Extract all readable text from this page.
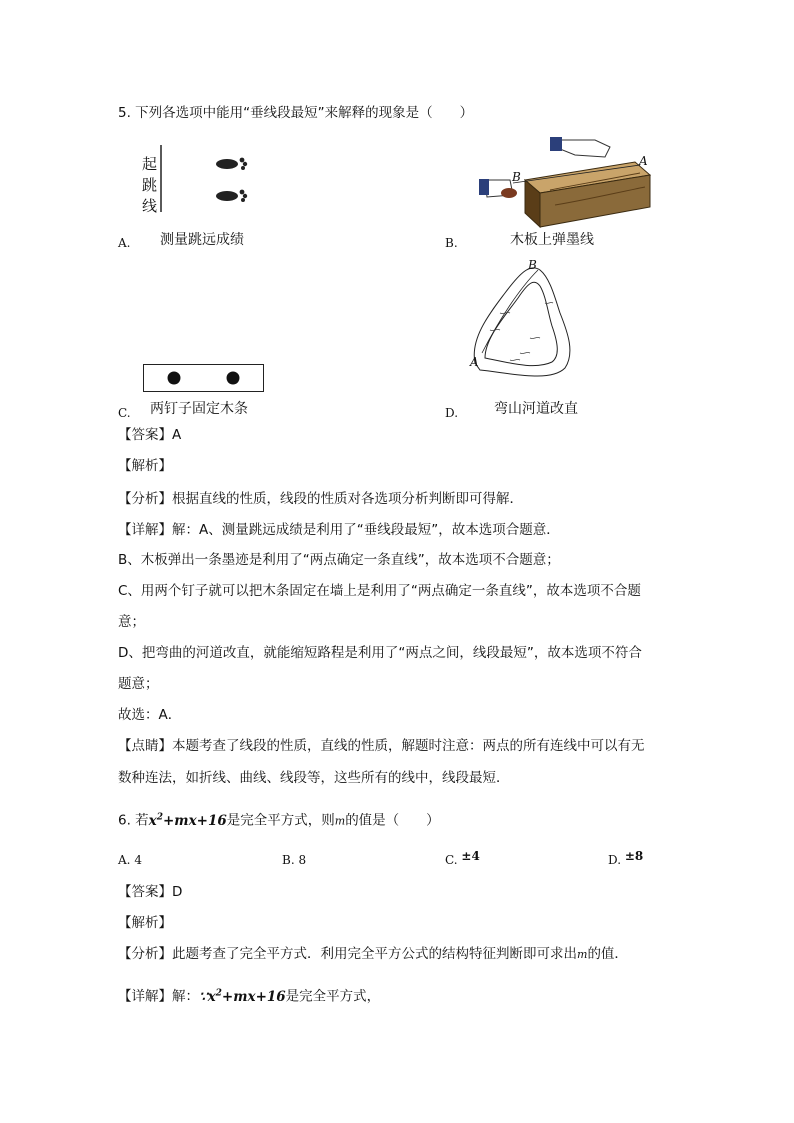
5. 下列各选项中能用“垂线段最短”来解释的现象是（　　）
起
跳
线
A. 测量跳远成绩
B
A
B.	木板上弹墨线
C. 两钉子固定木条
B
A
D.	弯山河道改直
【答案】A
【解析】
【分析】根据直线的性质，线段的性质对各选项分析判断即可得解．
【详解】解：A、测量跳远成绩是利用了“垂线段最短”，故本选项合题意．
B、木板弹出一条墨迹是利用了“两点确定一条直线”，故本选项不合题意；
C、用两个钉子就可以把木条固定在墙上是利用了“两点确定一条直线”，故本选项不合题
意；
D、把弯曲的河道改直，就能缩短路程是利用了“两点之间，线段最短”，故本选项不符合
题意；
故选：A．
【点睛】本题考查了线段的性质，直线的性质，解题时注意：两点的所有连线中可以有无
数种连法，如折线、曲线、线段等，这些所有的线中，线段最短．
6. 若$x^2+mx+16$是完全平方式，则m的值是（　　）
A. 4	B. 8	C. ±4	D. ±8
【答案】D
【解析】
【分析】此题考查了完全平方式．利用完全平方公式的结构特征判断即可求出m的值．
【详解】解：$\because x^2+mx+16$是完全平方式，
